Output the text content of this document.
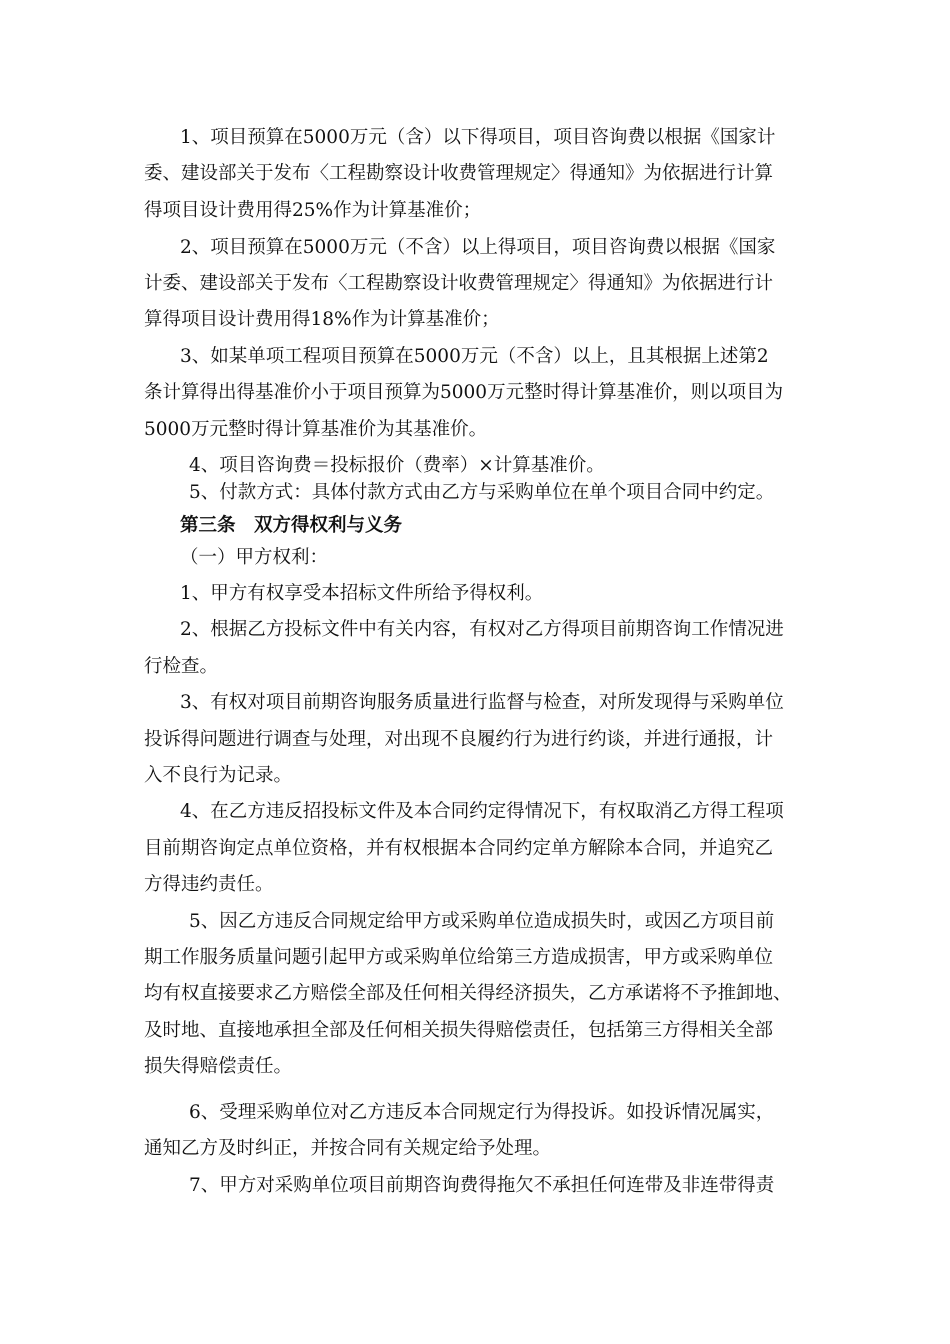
1、项目预算在5000万元（含）以下得项目，项目咨询费以根据《国家计
委、建设部关于发布〈工程勘察设计收费管理规定〉得通知》为依据进行计算
得项目设计费用得25%作为计算基准价；
2、项目预算在5000万元（不含）以上得项目，项目咨询费以根据《国家
计委、建设部关于发布〈工程勘察设计收费管理规定〉得通知》为依据进行计
算得项目设计费用得18%作为计算基准价；
3、如某单项工程项目预算在5000万元（不含）以上，且其根据上述第2
条计算得出得基准价小于项目预算为5000万元整时得计算基准价，则以项目为
5000万元整时得计算基准价为其基准价。
4、项目咨询费＝投标报价（费率）×计算基准价。
5、付款方式：具体付款方式由乙方与采购单位在单个项目合同中约定。
第三条　双方得权利与义务
（一）甲方权利：
1、甲方有权享受本招标文件所给予得权利。
2、根据乙方投标文件中有关内容，有权对乙方得项目前期咨询工作情况进
行检查。
3、有权对项目前期咨询服务质量进行监督与检查，对所发现得与采购单位
投诉得问题进行调查与处理，对出现不良履约行为进行约谈，并进行通报，计
入不良行为记录。
4、在乙方违反招投标文件及本合同约定得情况下，有权取消乙方得工程项
目前期咨询定点单位资格，并有权根据本合同约定单方解除本合同，并追究乙
方得违约责任。
5、因乙方违反合同规定给甲方或采购单位造成损失时，或因乙方项目前
期工作服务质量问题引起甲方或采购单位给第三方造成损害，甲方或采购单位
均有权直接要求乙方赔偿全部及任何相关得经济损失，乙方承诺将不予推卸地、
及时地、直接地承担全部及任何相关损失得赔偿责任，包括第三方得相关全部
损失得赔偿责任。
6、受理采购单位对乙方违反本合同规定行为得投诉。如投诉情况属实，
通知乙方及时纠正，并按合同有关规定给予处理。
7、甲方对采购单位项目前期咨询费得拖欠不承担任何连带及非连带得责
